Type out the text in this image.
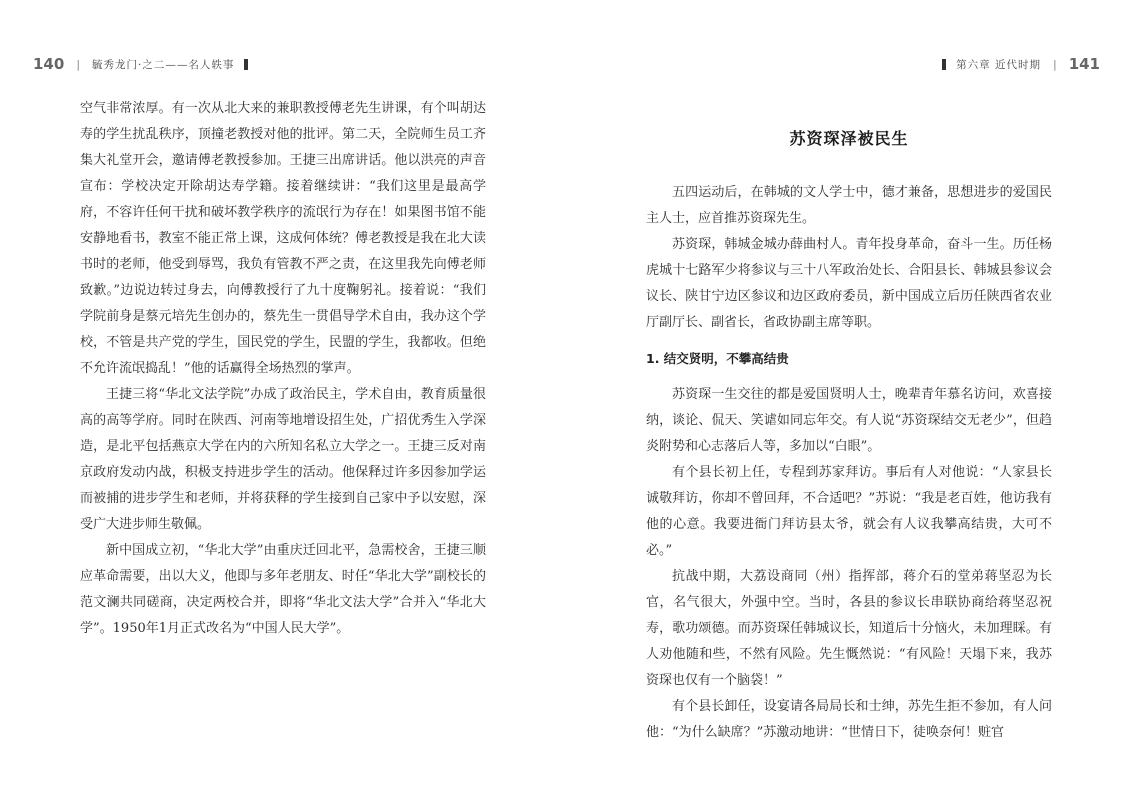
140 | 毓秀龙门·之二——名人轶事

空气非常浓厚。有一次从北大来的兼职教授傅老先生讲课，有个叫胡达寿的学生扰乱秩序，顶撞老教授对他的批评。第二天，全院师生员工齐集大礼堂开会，邀请傅老教授参加。王捷三出席讲话。他以洪亮的声音宣布：学校决定开除胡达寿学籍。接着继续讲：“我们这里是最高学府，不容许任何干扰和破坏教学秩序的流氓行为存在！如果图书馆不能安静地看书，教室不能正常上课，这成何体统？傅老教授是我在北大读书时的老师，他受到辱骂，我负有管教不严之责，在这里我先向傅老师致歉。”边说边转过身去，向傅教授行了九十度鞠躬礼。接着说：“我们学院前身是蔡元培先生创办的，蔡先生一贯倡导学术自由，我办这个学校，不管是共产党的学生，国民党的学生，民盟的学生，我都收。但绝不允许流氓捣乱！”他的话赢得全场热烈的掌声。

王捷三将“华北文法学院”办成了政治民主，学术自由，教育质量很高的高等学府。同时在陕西、河南等地增设招生处，广招优秀生入学深造，是北平包括燕京大学在内的六所知名私立大学之一。王捷三反对南京政府发动内战，积极支持进步学生的活动。他保释过许多因参加学运而被捕的进步学生和老师，并将获释的学生接到自己家中予以安慰，深受广大进步师生敬佩。

新中国成立初，“华北大学”由重庆迁回北平，急需校舍，王捷三顺应革命需要，出以大义，他即与多年老朋友、时任“华北大学”副校长的范文澜共同磋商，决定两校合并，即将“华北文法大学”合并入“华北大学”。1950年1月正式改名为“中国人民大学”。

第六章 近代时期 | 141
苏资琛泽被民生

五四运动后，在韩城的文人学士中，德才兼备，思想进步的爱国民主人士，应首推苏资琛先生。

苏资琛，韩城金城办薛曲村人。青年投身革命，奋斗一生。历任杨虎城十七路军少将参议与三十八军政治处长、合阳县长、韩城县参议会议长、陕甘宁边区参议和边区政府委员，新中国成立后历任陕西省农业厅副厅长、副省长，省政协副主席等职。

1. 结交贤明，不攀高结贵

苏资琛一生交往的都是爱国贤明人士，晚辈青年慕名访问，欢喜接纳，谈论、侃天、笑谑如同忘年交。有人说“苏资琛结交无老少”，但趋炎附势和心志落后人等，多加以“白眼”。

有个县长初上任，专程到苏家拜访。事后有人对他说：“人家县长诚敬拜访，你却不曾回拜，不合适吧？”苏说：“我是老百姓，他访我有他的心意。我要进衙门拜访县太爷，就会有人议我攀高结贵，大可不必。”

抗战中期，大荔设商同（州）指挥部，蒋介石的堂弟蒋坚忍为长官，名气很大，外强中空。当时，各县的参议长串联协商给蒋坚忍祝寿，歌功颂德。而苏资琛任韩城议长，知道后十分恼火，未加理睬。有人劝他随和些，不然有风险。先生慨然说：“有风险！天塌下来，我苏资琛也仅有一个脑袋！”

有个县长卸任，设宴请各局局长和士绅，苏先生拒不参加，有人问他：“为什么缺席？”苏激动地讲：“世情日下，徒唤奈何！赃官
